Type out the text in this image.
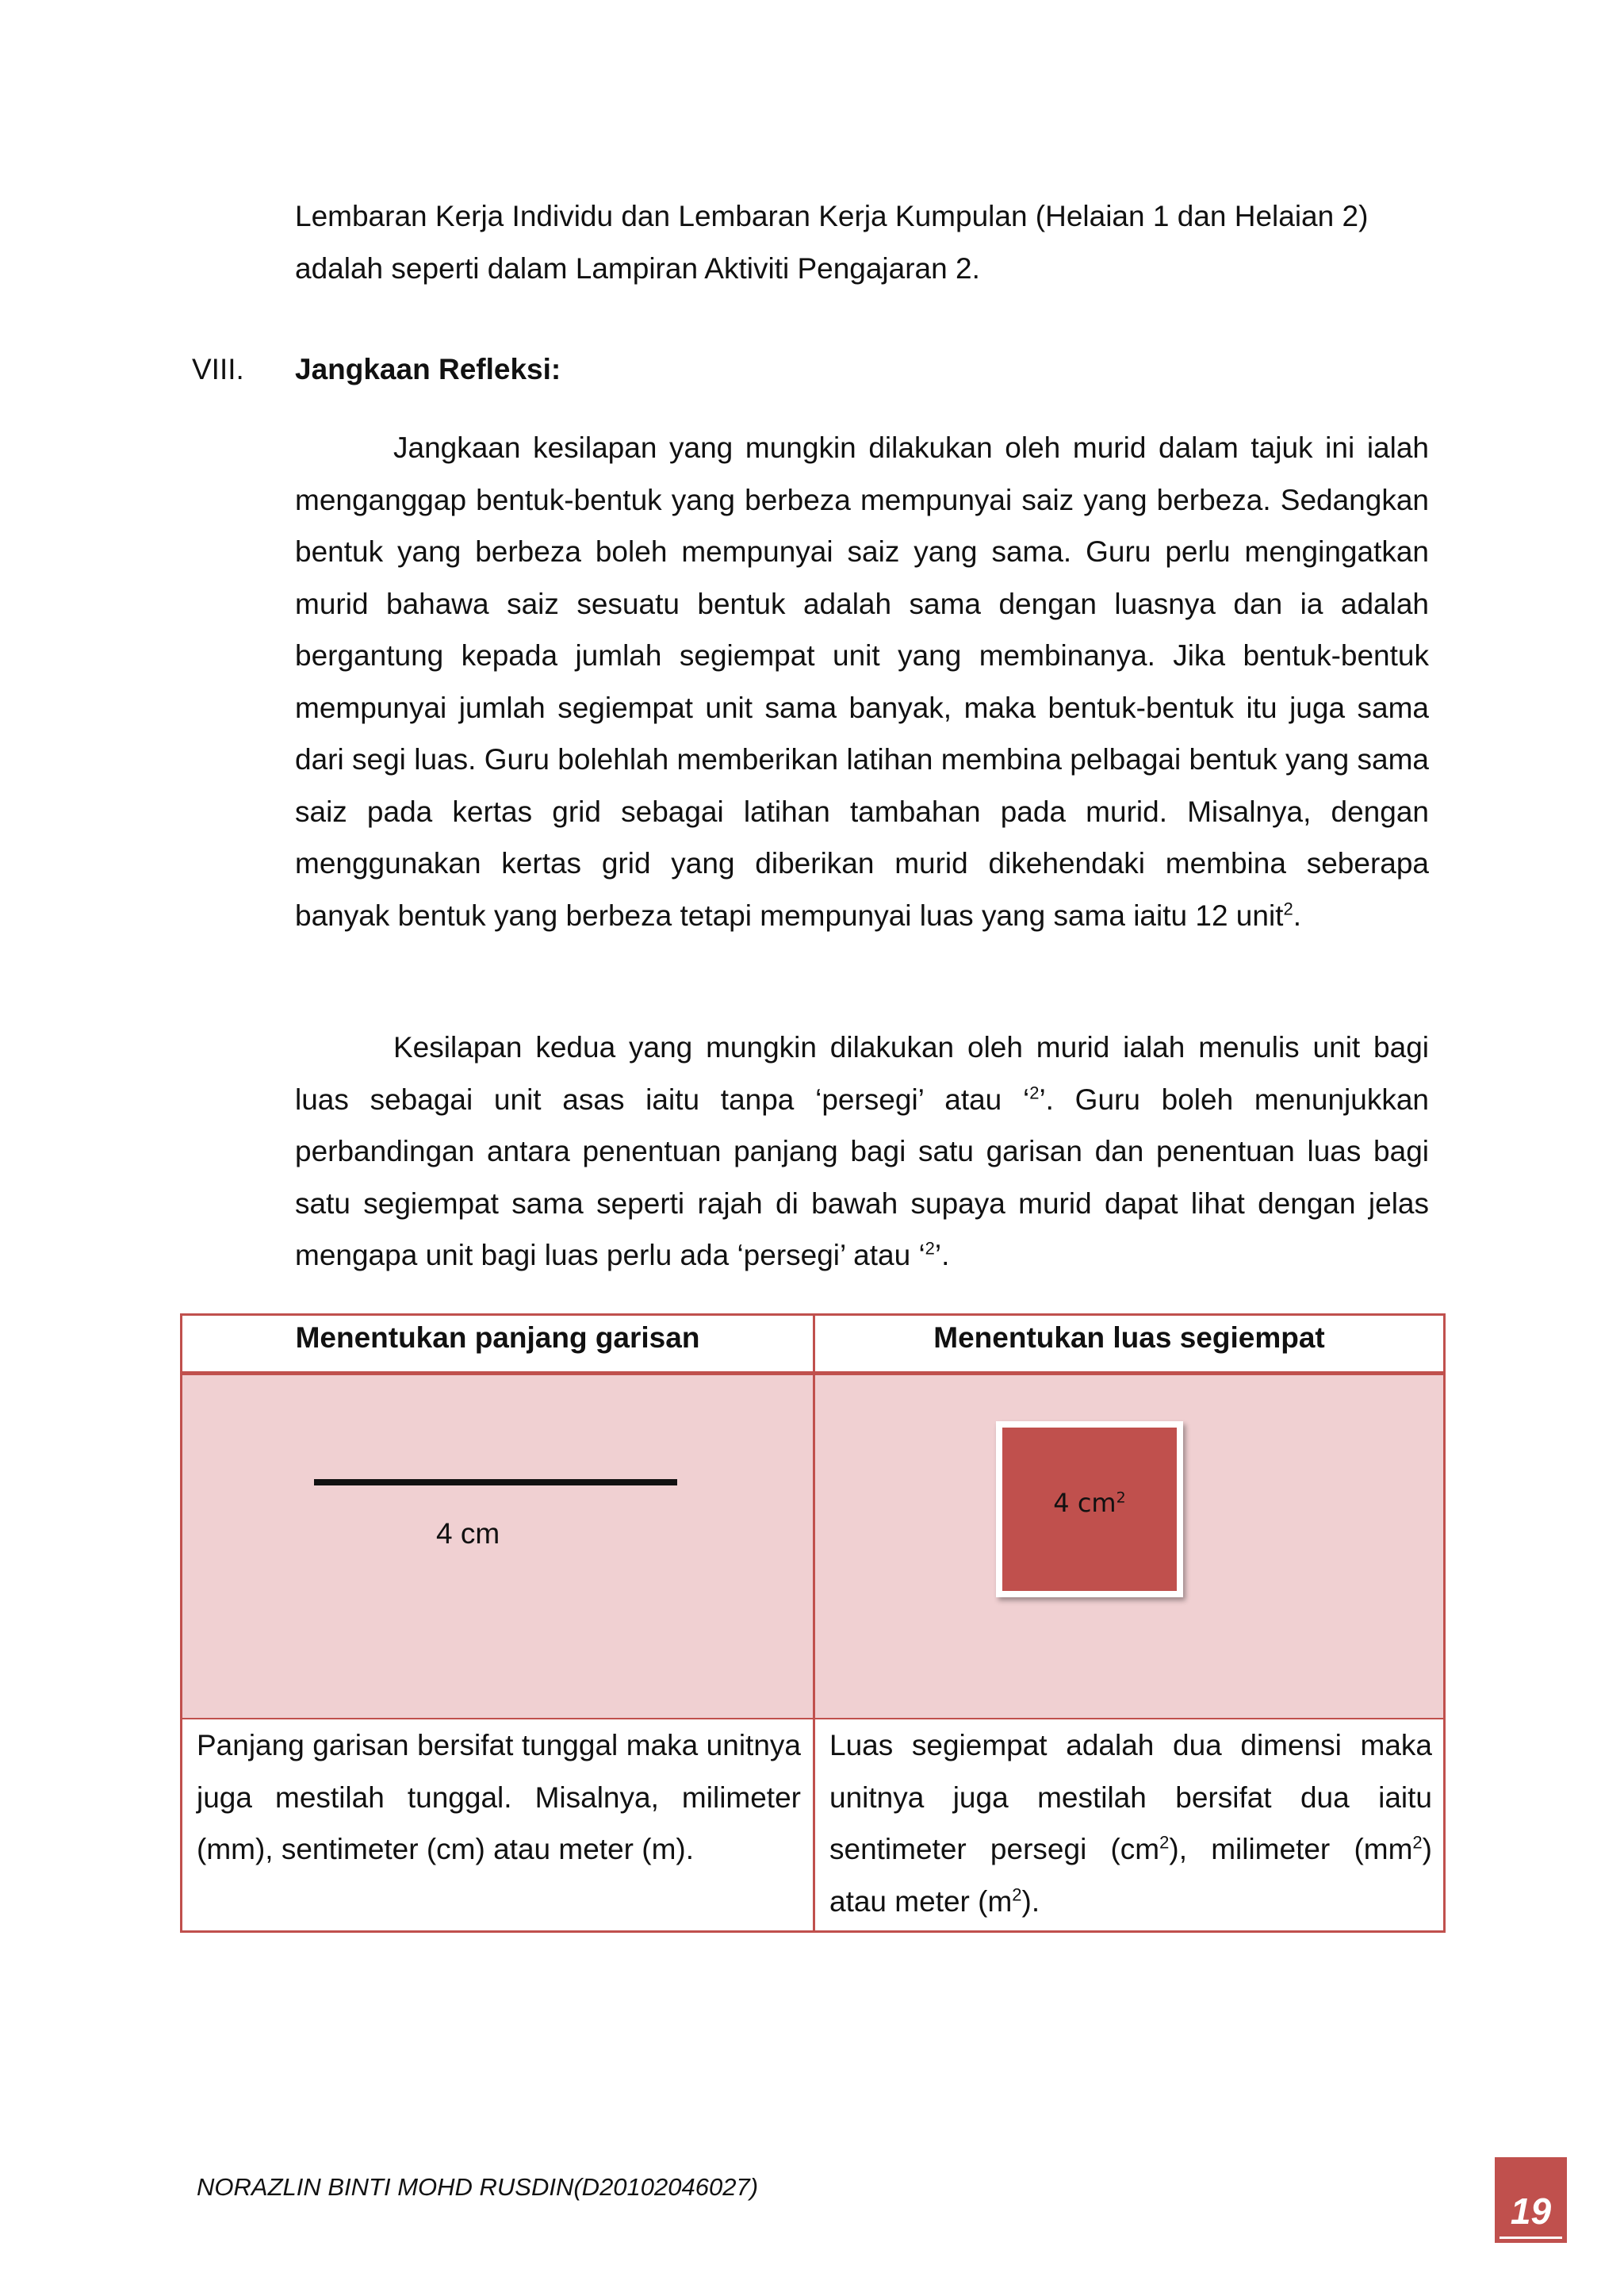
Lembaran Kerja Individu dan Lembaran Kerja Kumpulan (Helaian 1 dan Helaian 2)
adalah seperti dalam Lampiran Aktiviti Pengajaran 2.

VIII. Jangkaan Refleksi:

Jangkaan kesilapan yang mungkin dilakukan oleh murid dalam tajuk ini ialah menganggap bentuk-bentuk yang berbeza mempunyai saiz yang berbeza. Sedangkan bentuk yang berbeza boleh mempunyai saiz yang sama. Guru perlu mengingatkan murid bahawa saiz sesuatu bentuk adalah sama dengan luasnya dan ia adalah bergantung kepada jumlah segiempat unit yang membinanya. Jika bentuk-bentuk mempunyai jumlah segiempat unit sama banyak, maka bentuk-bentuk itu juga sama dari segi luas. Guru bolehlah memberikan latihan membina pelbagai bentuk yang sama saiz pada kertas grid sebagai latihan tambahan pada murid. Misalnya, dengan menggunakan kertas grid yang diberikan murid dikehendaki membina seberapa banyak bentuk yang berbeza tetapi mempunyai luas yang sama iaitu 12 unit$^2$.

Kesilapan kedua yang mungkin dilakukan oleh murid ialah menulis unit bagi luas sebagai unit asas iaitu tanpa ‘persegi’ atau ‘$^2$’. Guru boleh menunjukkan perbandingan antara penentuan panjang bagi satu garisan dan penentuan luas bagi satu segiempat sama seperti rajah di bawah supaya murid dapat lihat dengan jelas mengapa unit bagi luas perlu ada ‘persegi’ atau ‘$^2$’.

Menentukan panjang garisan	Menentukan luas segiempat
4 cm
4 $cm^2$

Panjang garisan bersifat tunggal maka unitnya juga mestilah tunggal. Misalnya, milimeter (mm), sentimeter (cm) atau meter (m).

Luas segiempat adalah dua dimensi maka unitnya juga mestilah bersifat dua iaitu sentimeter persegi $(cm^2)$, milimeter $(mm^2)$ atau meter $(m^2)$.

NORAZLIN BINTI MOHD RUSDIN(D20102046027)
19
